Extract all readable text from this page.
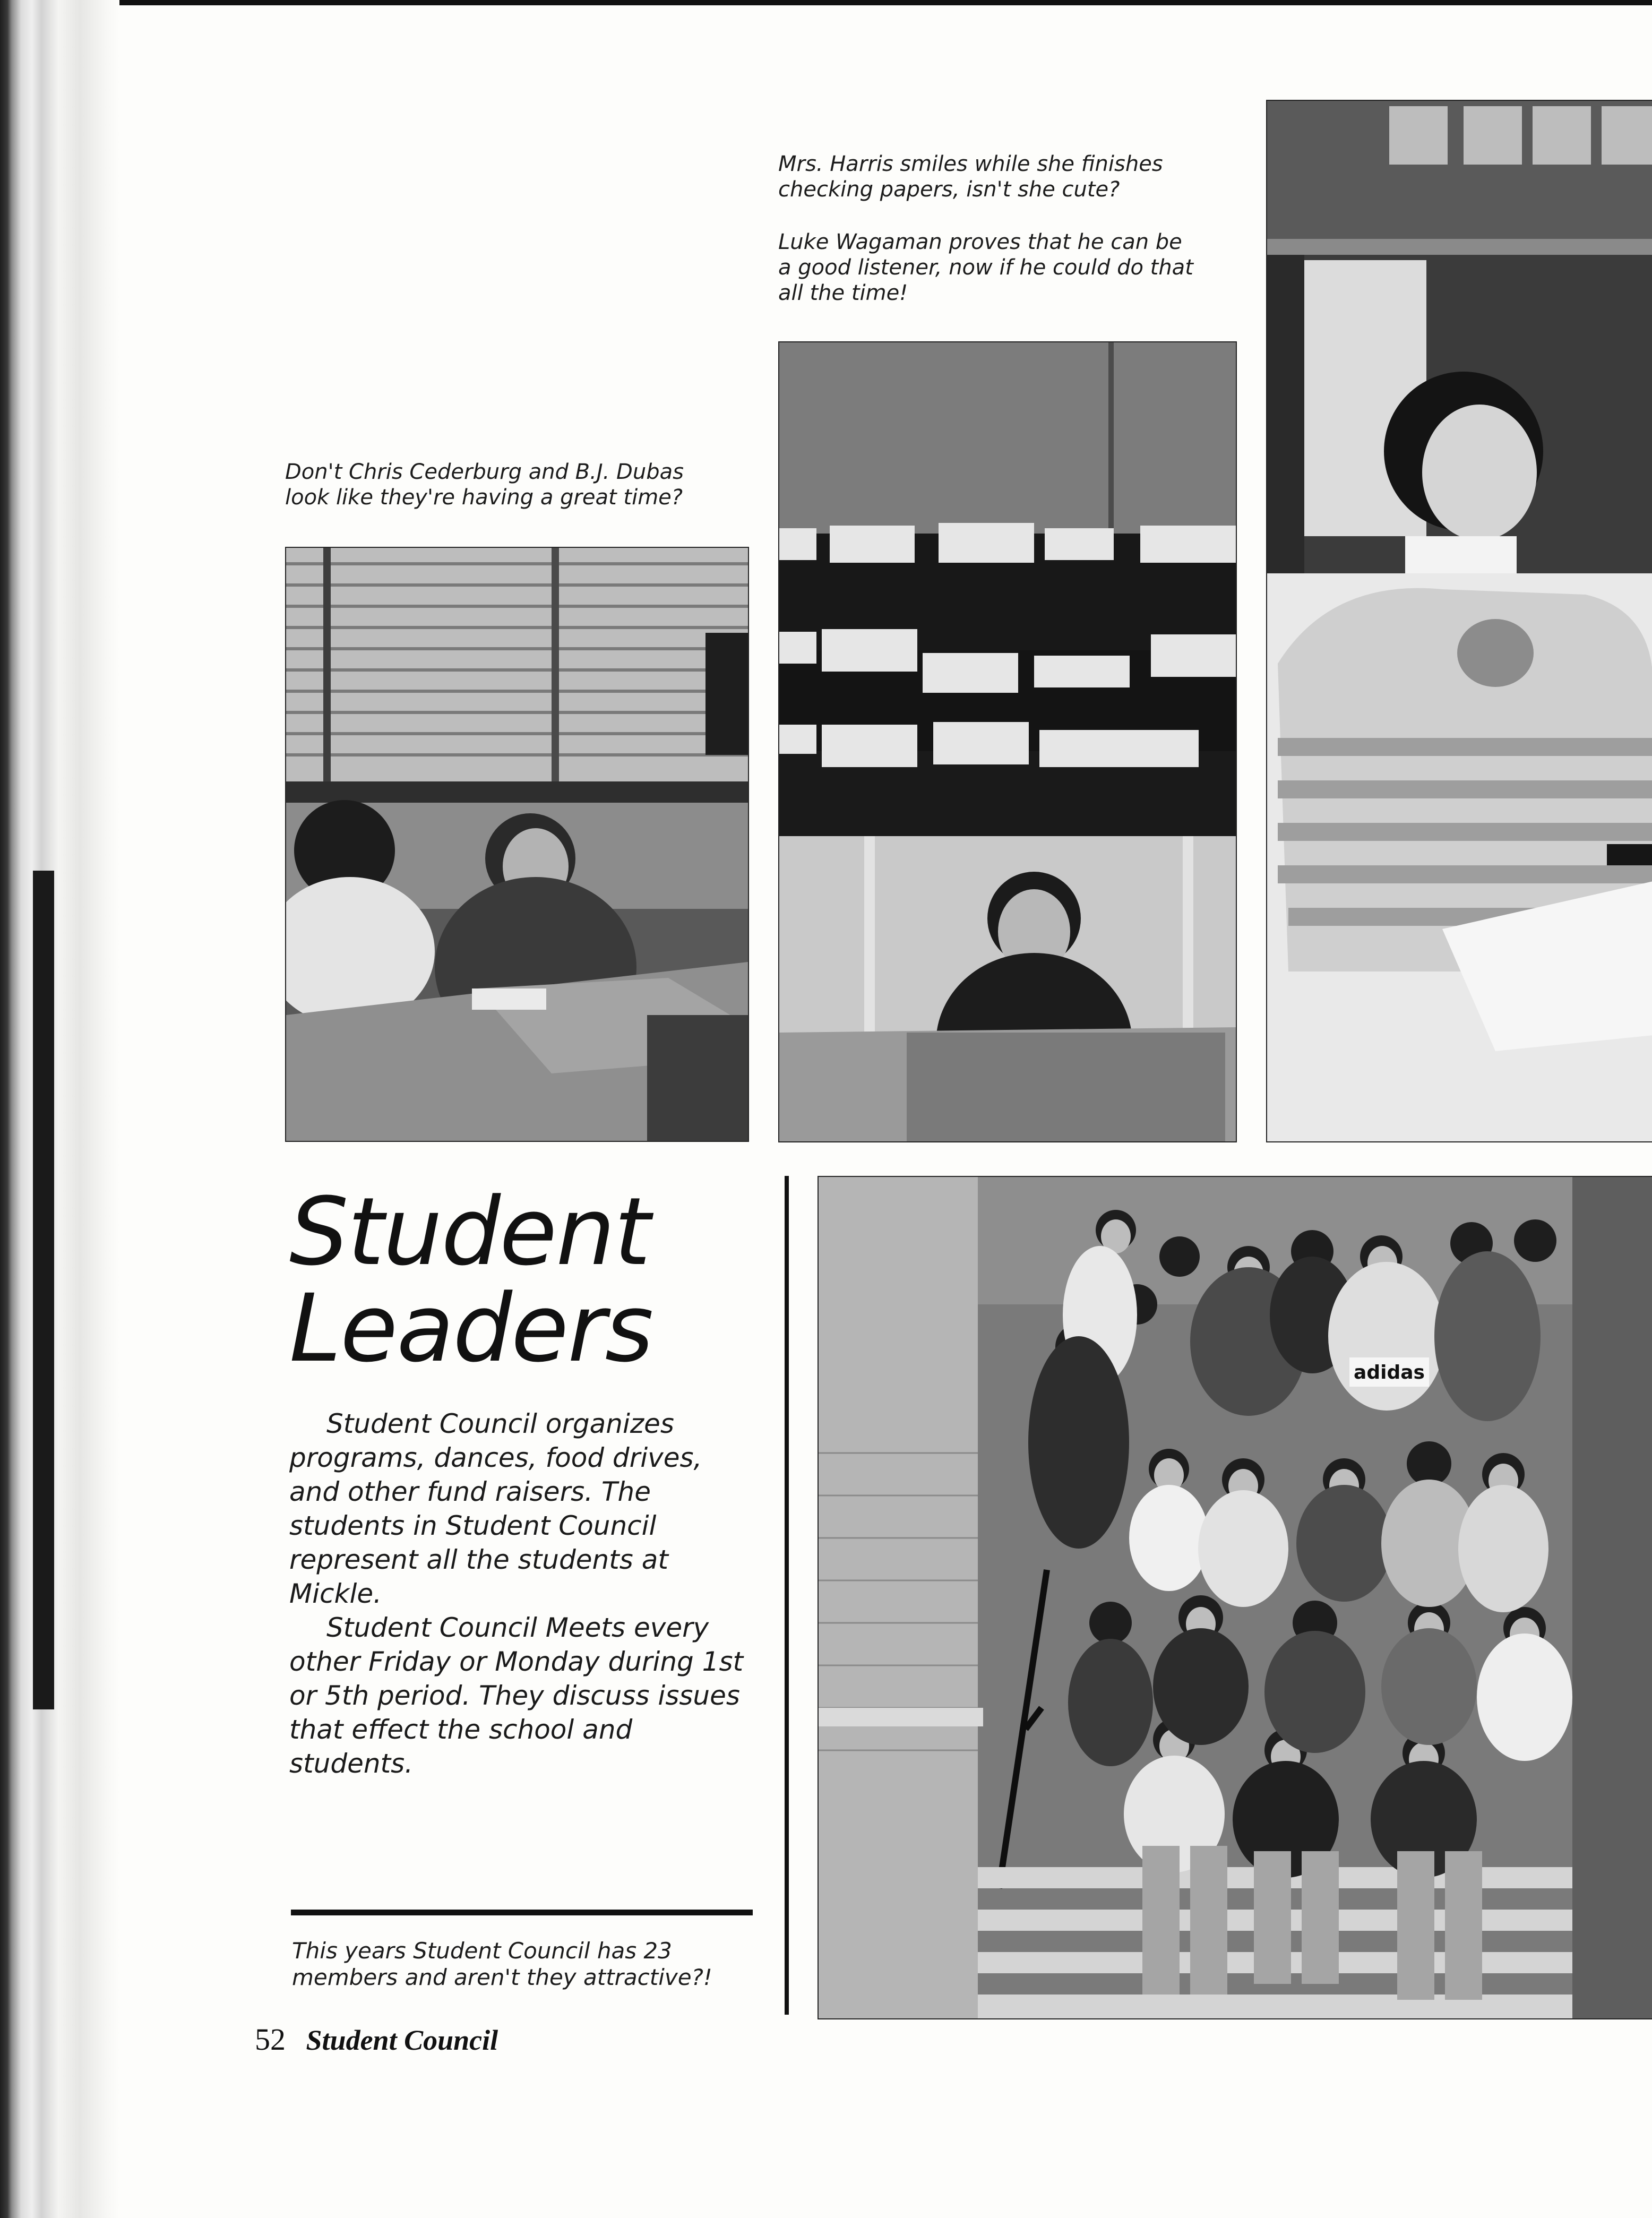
Mrs. Harris smiles while she finishes
checking papers, isn't she cute?

Luke Wagaman proves that he can be
a good listener, now if he could do that
all the time!

Don't Chris Cederburg and B.J. Dubas
look like they're having a great time?

Student
Leaders

Student Council organizes programs, dances, food drives, and other fund raisers. The students in Student Council represent all the students at Mickle.

Student Council Meets every other Friday or Monday during 1st or 5th period. They discuss issues that effect the school and students.

This years Student Council has 23
members and aren't they attractive?!

adidas
52 Student Council
